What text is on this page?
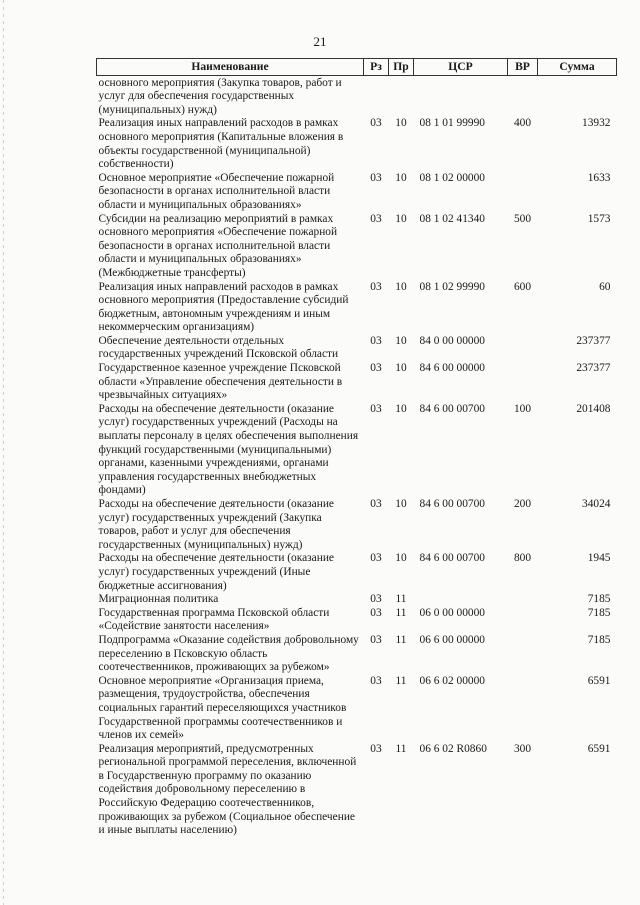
21
Наименование	Рз	Пр	ЦСР	ВР	Сумма
основного мероприятия (Закупка товаров, работ и услуг для обеспечения государственных (муниципальных) нужд)					
Реализация иных направлений расходов в рамках основного мероприятия (Капитальные вложения в объекты государственной (муниципальной) собственности)	03	10	08 1 01 99990	400	13932
Основное мероприятие «Обеспечение пожарной безопасности в органах исполнительной власти области и муниципальных образованиях»	03	10	08 1 02 00000		1633
Субсидии на реализацию мероприятий в рамках основного мероприятия «Обеспечение пожарной безопасности в органах исполнительной власти области и муниципальных образованиях» (Межбюджетные трансферты)	03	10	08 1 02 41340	500	1573
Реализация иных направлений расходов в рамках основного мероприятия (Предоставление субсидий бюджетным, автономным учреждениям и иным некоммерческим организациям)	03	10	08 1 02 99990	600	60
Обеспечение деятельности отдельных государственных учреждений Псковской области	03	10	84 0 00 00000		237377
Государственное казенное учреждение Псковской области «Управление обеспечения деятельности в чрезвычайных ситуациях»	03	10	84 6 00 00000		237377
Расходы на обеспечение деятельности (оказание услуг) государственных учреждений (Расходы на выплаты персоналу в целях обеспечения выполнения функций государственными (муниципальными) органами, казенными учреждениями, органами управления государственных внебюджетных фондами)	03	10	84 6 00 00700	100	201408
Расходы на обеспечение деятельности (оказание услуг) государственных учреждений (Закупка товаров, работ и услуг для обеспечения государственных (муниципальных) нужд)	03	10	84 6 00 00700	200	34024
Расходы на обеспечение деятельности (оказание услуг) государственных учреждений (Иные бюджетные ассигнования)	03	10	84 6 00 00700	800	1945
Миграционная политика	03	11			7185
Государственная программа Псковской области «Содействие занятости населения»	03	11	06 0 00 00000		7185
Подпрограмма «Оказание содействия добровольному переселению в Псковскую область соотечественников, проживающих за рубежом»	03	11	06 6 00 00000		7185
Основное мероприятие «Организация приема, размещения, трудоустройства, обеспечения социальных гарантий переселяющихся участников Государственной программы соотечественников и членов их семей»	03	11	06 6 02 00000		6591
Реализация мероприятий, предусмотренных региональной программой переселения, включенной в Государственную программу по оказанию содействия добровольному переселению в Российскую Федерацию соотечественников, проживающих за рубежом (Социальное обеспечение и иные выплаты населению)	03	11	06 6 02 R0860	300	6591
